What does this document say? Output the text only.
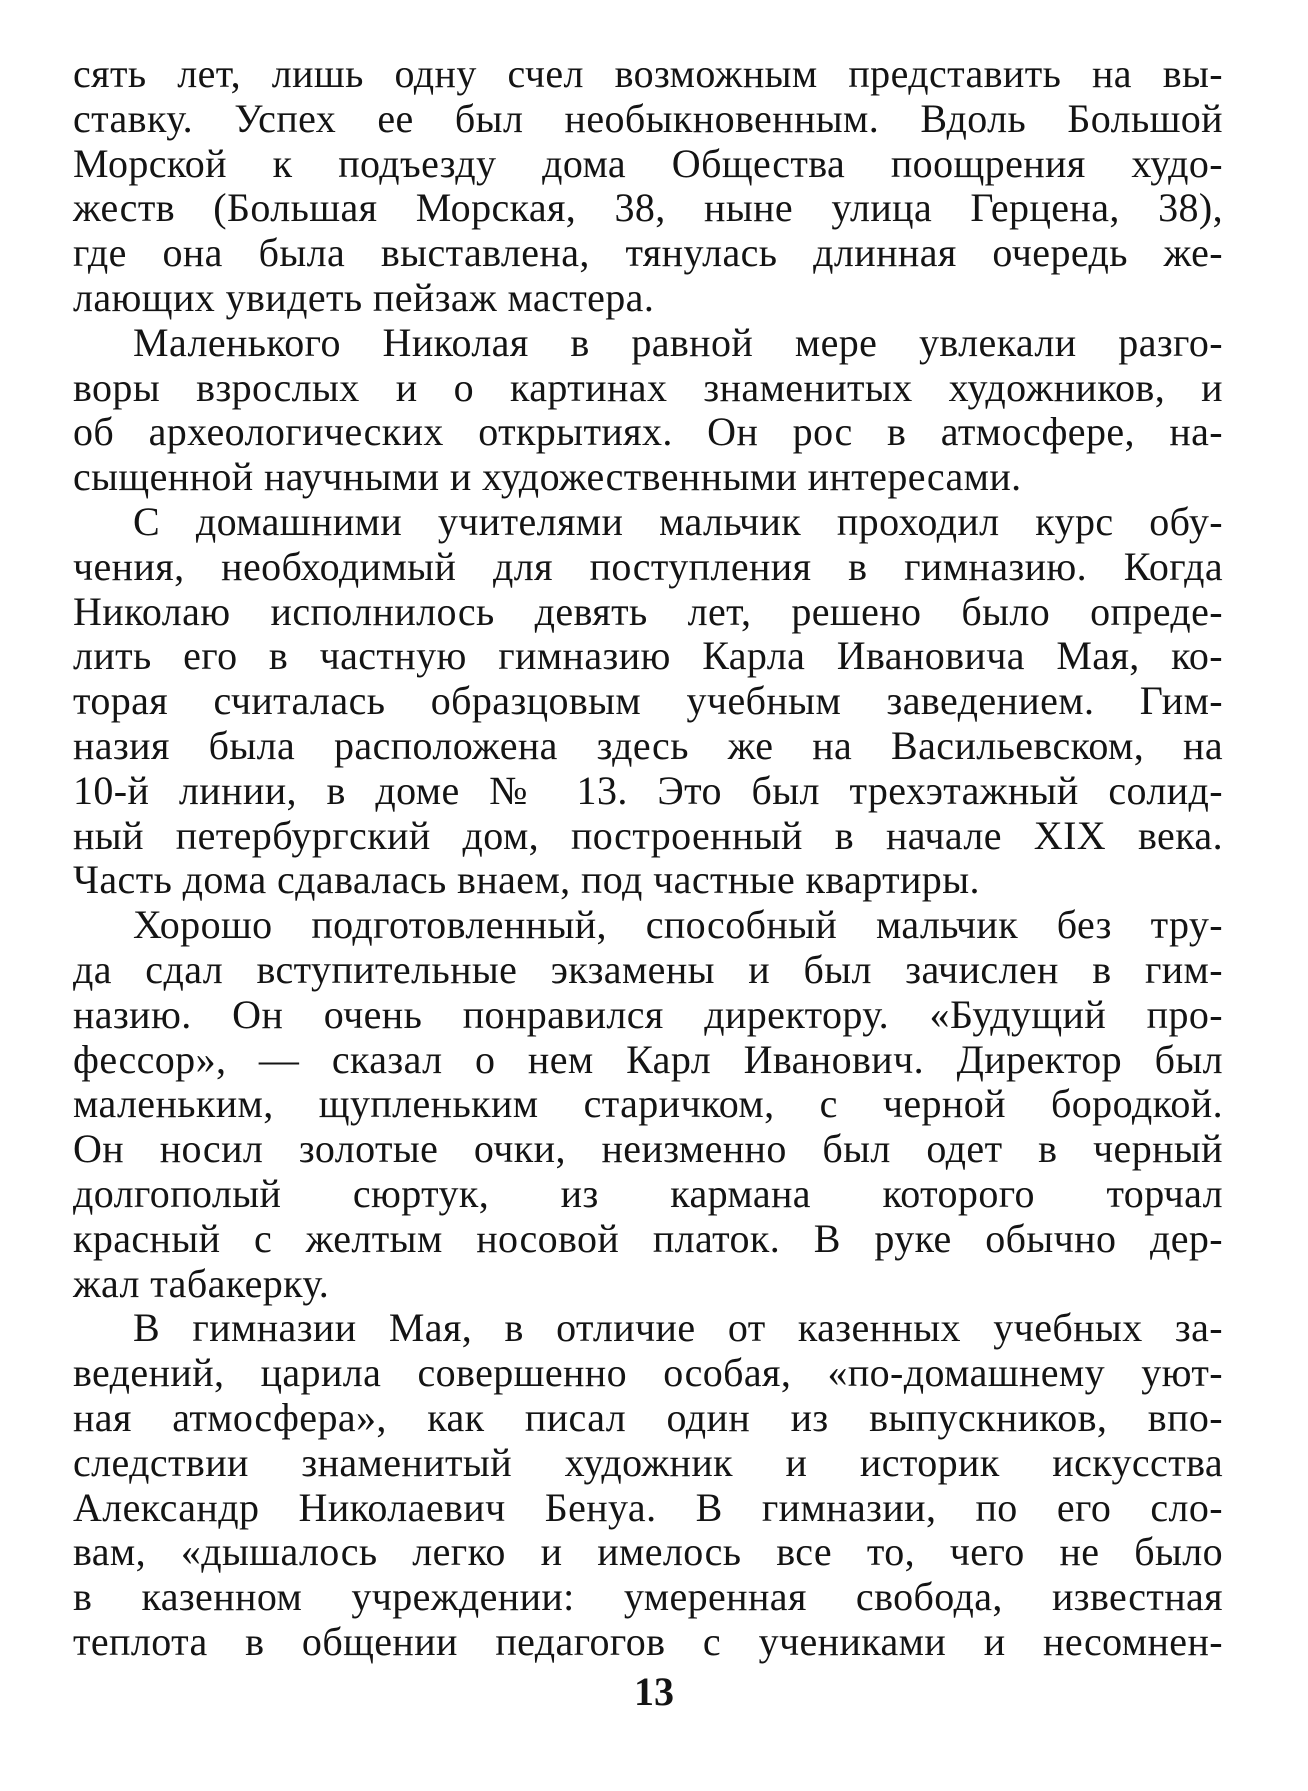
сять лет, лишь одну счел возможным представить на вы-
ставку. Успех ее был необыкновенным. Вдоль Большой
Морской к подъезду дома Общества поощрения худо-
жеств (Большая Морская, 38, ныне улица Герцена, 38),
где она была выставлена, тянулась длинная очередь же-
лающих увидеть пейзаж мастера.
Маленького Николая в равной мере увлекали разго-
воры взрослых и о картинах знаменитых художников, и
об археологических открытиях. Он рос в атмосфере, на-
сыщенной научными и художественными интересами.
С домашними учителями мальчик проходил курс обу-
чения, необходимый для поступления в гимназию. Когда
Николаю исполнилось девять лет, решено было опреде-
лить его в частную гимназию Карла Ивановича Мая, ко-
торая считалась образцовым учебным заведением. Гим-
назия была расположена здесь же на Васильевском, на
10-й линии, в доме № 13. Это был трехэтажный солид-
ный петербургский дом, построенный в начале XIX века.
Часть дома сдавалась внаем, под частные квартиры.
Хорошо подготовленный, способный мальчик без тру-
да сдал вступительные экзамены и был зачислен в гим-
назию. Он очень понравился директору. «Будущий про-
фессор», — сказал о нем Карл Иванович. Директор был
маленьким, щупленьким старичком, с черной бородкой.
Он носил золотые очки, неизменно был одет в черный
долгополый сюртук, из кармана которого торчал
красный с желтым носовой платок. В руке обычно дер-
жал табакерку.
В гимназии Мая, в отличие от казенных учебных за-
ведений, царила совершенно особая, «по-домашнему уют-
ная атмосфера», как писал один из выпускников, впо-
следствии знаменитый художник и историк искусства
Александр Николаевич Бенуа. В гимназии, по его сло-
вам, «дышалось легко и имелось все то, чего не было
в казенном учреждении: умеренная свобода, известная
теплота в общении педагогов с учениками и несомнен-
13
